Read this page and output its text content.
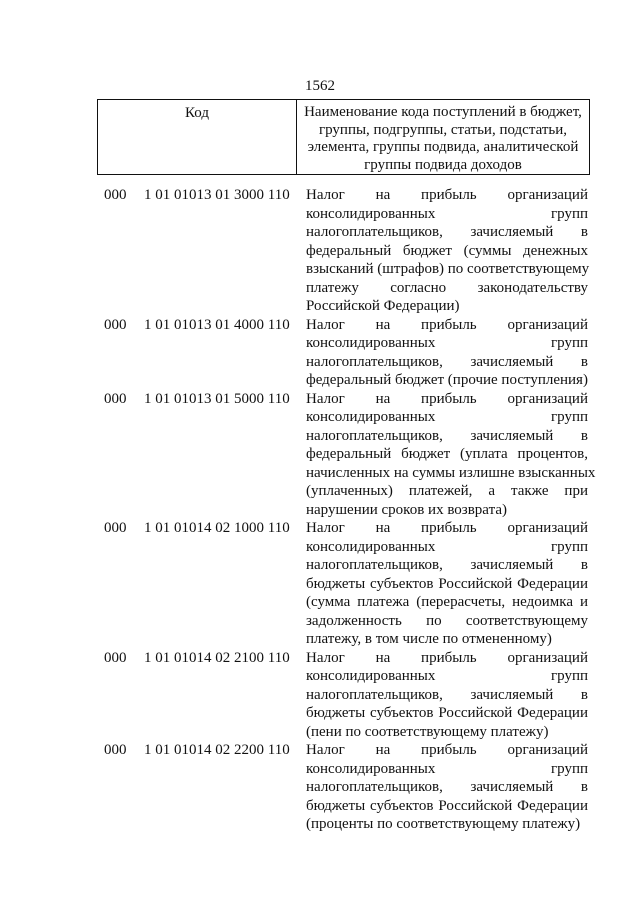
1562
Код	Наименование кода поступлений в бюджет, группы, подгруппы, статьи, подстатьи, элемента, группы подвида, аналитической группы подвида доходов
000 1 01 01013 01 3000 110 Налог на прибыль организаций
консолидированных групп
налогоплательщиков, зачисляемый в
федеральный бюджет (суммы денежных
взысканий (штрафов) по соответствующему
платежу согласно законодательству
Российской Федерации)
000 1 01 01013 01 4000 110 Налог на прибыль организаций
консолидированных групп
налогоплательщиков, зачисляемый в
федеральный бюджет (прочие поступления)
000 1 01 01013 01 5000 110 Налог на прибыль организаций
консолидированных групп
налогоплательщиков, зачисляемый в
федеральный бюджет (уплата процентов,
начисленных на суммы излишне взысканных
(уплаченных) платежей, а также при
нарушении сроков их возврата)
000 1 01 01014 02 1000 110 Налог на прибыль организаций
консолидированных групп
налогоплательщиков, зачисляемый в
бюджеты субъектов Российской Федерации
(сумма платежа (перерасчеты, недоимка и
задолженность по соответствующему
платежу, в том числе по отмененному)
000 1 01 01014 02 2100 110 Налог на прибыль организаций
консолидированных групп
налогоплательщиков, зачисляемый в
бюджеты субъектов Российской Федерации
(пени по соответствующему платежу)
000 1 01 01014 02 2200 110 Налог на прибыль организаций
консолидированных групп
налогоплательщиков, зачисляемый в
бюджеты субъектов Российской Федерации
(проценты по соответствующему платежу)
